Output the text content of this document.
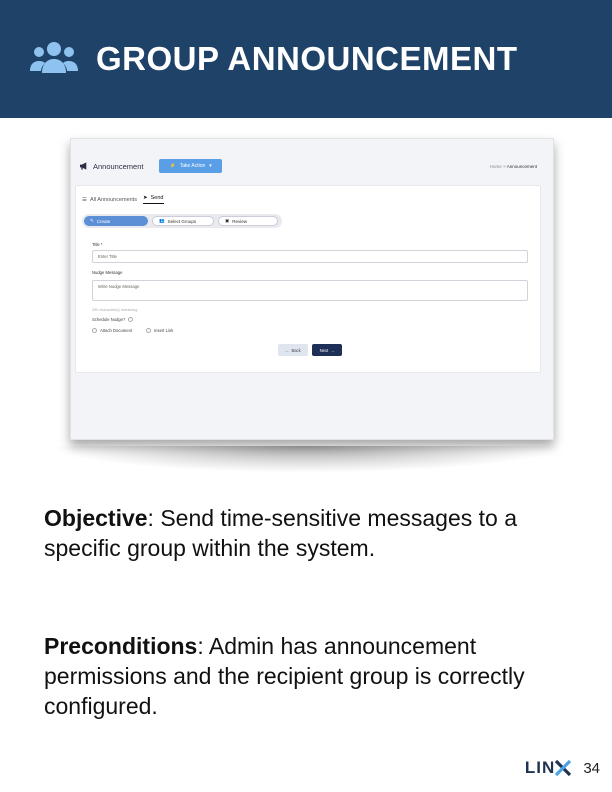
GROUP ANNOUNCEMENT
Announcement	⚡ Take Action ▾	Home > Announcement
☰ All Announcements ➤ Send
✎ Create	👥 Select Groups	▣ Review
Title *
Enter Title
Nudge Message
Write Nudge Message
250 character(s) remaining
Schedule Nudge?
Attach Document	Insert Link
← Back	Next →
Objective: Send time-sensitive messages to a specific group within the system.
Preconditions: Admin has announcement permissions and the recipient group is correctly configured.
LIN 34
